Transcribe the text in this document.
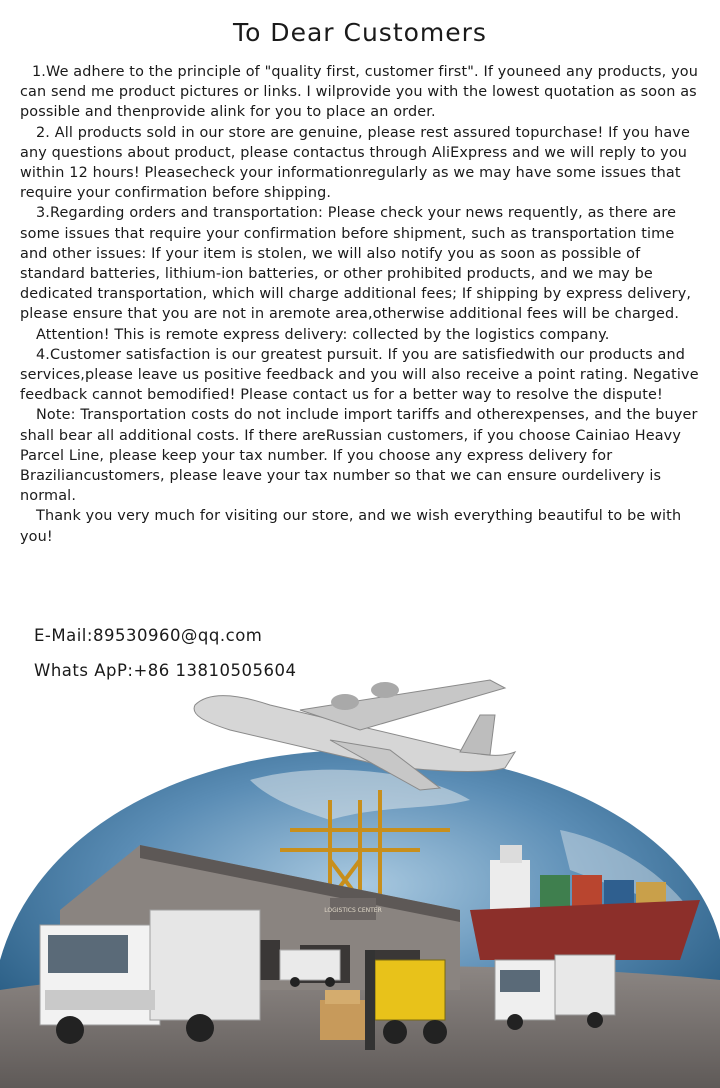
To Dear Customers

1.We adhere to the principle of "quality first, customer first". If youneed any products, you can send me product pictures or links. I wilprovide you with the lowest quotation as soon as possible and thenprovide alink for you to place an order.

2. All products sold in our store are genuine, please rest assured topurchase! If you have any questions about product, please contactus through AliExpress and we will reply to you within 12 hours! Pleasecheck your informationregularly as we may have some issues that require your confirmation before shipping.

3.Regarding orders and transportation: Please check your news requently, as there are some issues that require your confirmation before shipment, such as transportation time and other issues: If your item is stolen, we will also notify you as soon as possible of standard batteries, lithium-ion batteries, or other prohibited products, and we may be dedicated transportation, which will charge additional fees; If shipping by express delivery, please ensure that you are not in aremote area,otherwise additional fees will be charged.

Attention! This is remote express delivery: collected by the logistics company.

4.Customer satisfaction is our greatest pursuit. If you are satisfiedwith our products and services,please leave us positive feedback and you will also receive a point rating. Negative feedback cannot bemodified! Please contact us for a better way to resolve the dispute!

Note: Transportation costs do not include import tariffs and otherexpenses, and the buyer shall bear all additional costs. If there areRussian customers, if you choose Cainiao Heavy Parcel Line, please keep your tax number. If you choose any express delivery for Braziliancustomers, please leave your tax number so that we can ensure ourdelivery is normal.

Thank you very much for visiting our store, and we wish everything beautiful to be with you!

LOGISTICS CENTER
E-Mail:89530960@qq.com
Whats ApP:+86 13810505604
